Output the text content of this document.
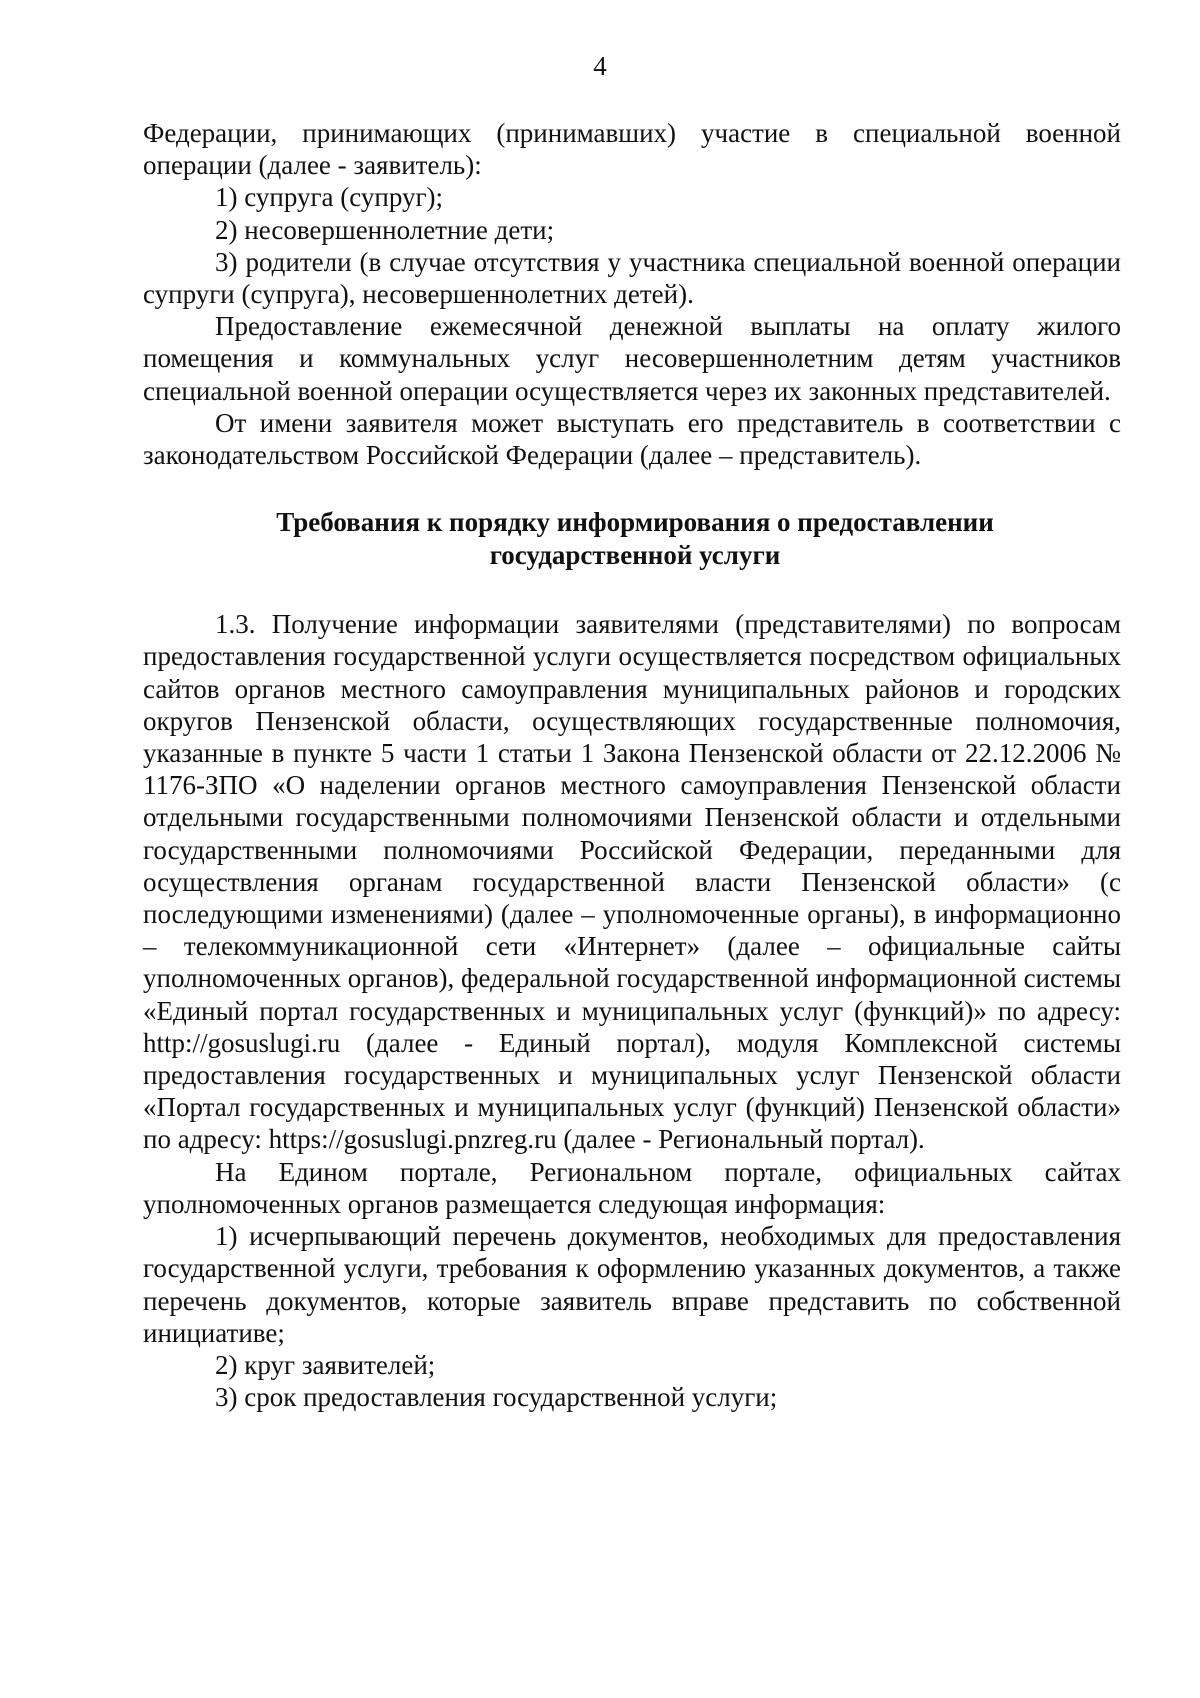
4

Федерации, принимающих (принимавших) участие в специальной военной операции (далее - заявитель):

1) супруга (супруг);

2) несовершеннолетние дети;

3) родители (в случае отсутствия у участника специальной военной операции супруги (супруга), несовершеннолетних детей).

Предоставление ежемесячной денежной выплаты на оплату жилого помещения и коммунальных услуг несовершеннолетним детям участников специальной военной операции осуществляется через их законных представителей.

От имени заявителя может выступать его представитель в соответствии с законодательством Российской Федерации (далее – представитель).

Требования к порядку информирования о предоставлении
государственной услуги

1.3. Получение информации заявителями (представителями) по вопросам предоставления государственной услуги осуществляется посредством официальных сайтов органов местного самоуправления муниципальных районов и городских округов Пензенской области, осуществляющих государственные полномочия, указанные в пункте 5 части 1 статьи 1 Закона Пензенской области от 22.12.2006 № 1176-ЗПО «О наделении органов местного самоуправления Пензенской области отдельными государственными полномочиями Пензенской области и отдельными государственными полномочиями Российской Федерации, переданными для осуществления органам государственной власти Пензенской области» (с последующими изменениями) (далее – уполномоченные органы), в информационно – телекоммуникационной сети «Интернет» (далее – официальные сайты уполномоченных органов), федеральной государственной информационной системы «Единый портал государственных и муниципальных услуг (функций)» по адресу: http://gosuslugi.ru (далее - Единый портал), модуля Комплексной системы предоставления государственных и муниципальных услуг Пензенской области «Портал государственных и муниципальных услуг (функций) Пензенской области» по адресу: https://gosuslugi.pnzreg.ru (далее - Региональный портал).

На Едином портале, Региональном портале, официальных сайтах уполномоченных органов размещается следующая информация:

1) исчерпывающий перечень документов, необходимых для предоставления государственной услуги, требования к оформлению указанных документов, а также перечень документов, которые заявитель вправе представить по собственной инициативе;

2) круг заявителей;

3) срок предоставления государственной услуги;
